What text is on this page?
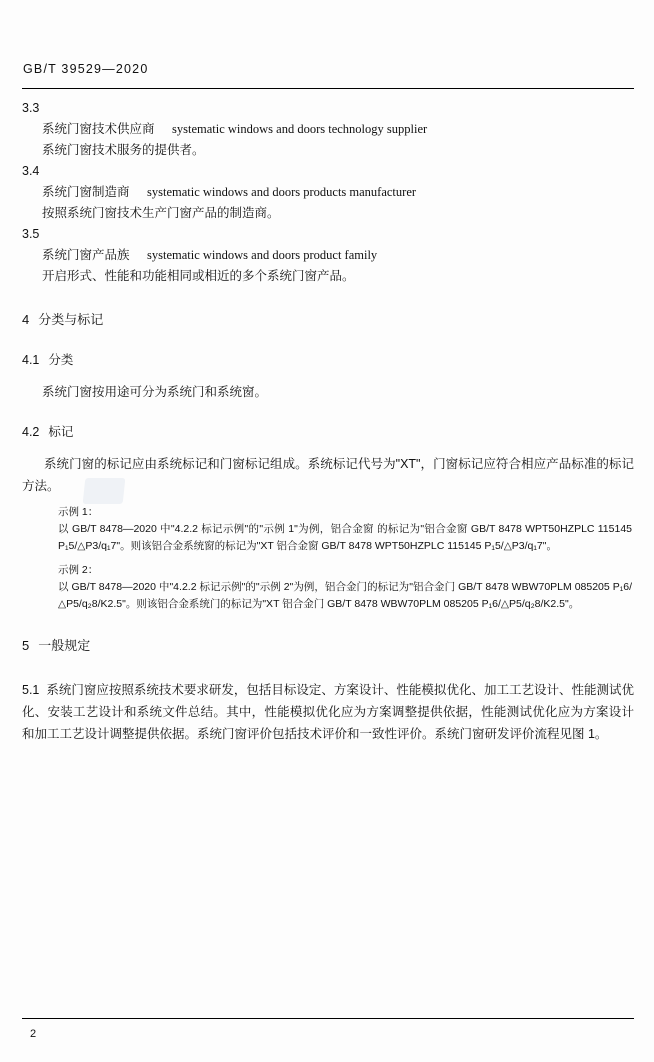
GB/T 39529—2020

3.3

系统门窗技术供应商 systematic windows and doors technology supplier

系统门窗技术服务的提供者。

3.4

系统门窗制造商 systematic windows and doors products manufacturer

按照系统门窗技术生产门窗产品的制造商。

3.5

系统门窗产品族 systematic windows and doors product family

开启形式、性能和功能相同或相近的多个系统门窗产品。

4 分类与标记

4.1 分类

系统门窗按用途可分为系统门和系统窗。

4.2 标记

系统门窗的标记应由系统标记和门窗标记组成。系统标记代号为"XT"，门窗标记应符合相应产品标准的标记方法。

示例 1：

以 GB/T 8478—2020 中"4.2.2 标记示例"的"示例 1"为例，铝合金窗 的标记为"铝合金窗 GB/T 8478 WPT50HZPLC 115145 P₁5/△P3/q₁7"。则该铝合金系统窗的标记为"XT 铝合金窗 GB/T 8478 WPT50HZPLC 115145 P₁5/△P3/q₁7"。

示例 2：

以 GB/T 8478—2020 中"4.2.2 标记示例"的"示例 2"为例，铝合金门的标记为"铝合金门 GB/T 8478 WBW70PLM 085205 P₁6/△P5/q₂8/K2.5"。则该铝合金系统门的标记为"XT 铝合金门 GB/T 8478 WBW70PLM 085205 P₁6/△P5/q₂8/K2.5"。

5 一般规定

5.1 系统门窗应按照系统技术要求研发，包括目标设定、方案设计、性能模拟优化、加工工艺设计、性能测试优化、安装工艺设计和系统文件总结。其中，性能模拟优化应为方案调整提供依据，性能测试优化应为方案设计和加工工艺设计调整提供依据。系统门窗评价包括技术评价和一致性评价。系统门窗研发评价流程见图 1。

2
